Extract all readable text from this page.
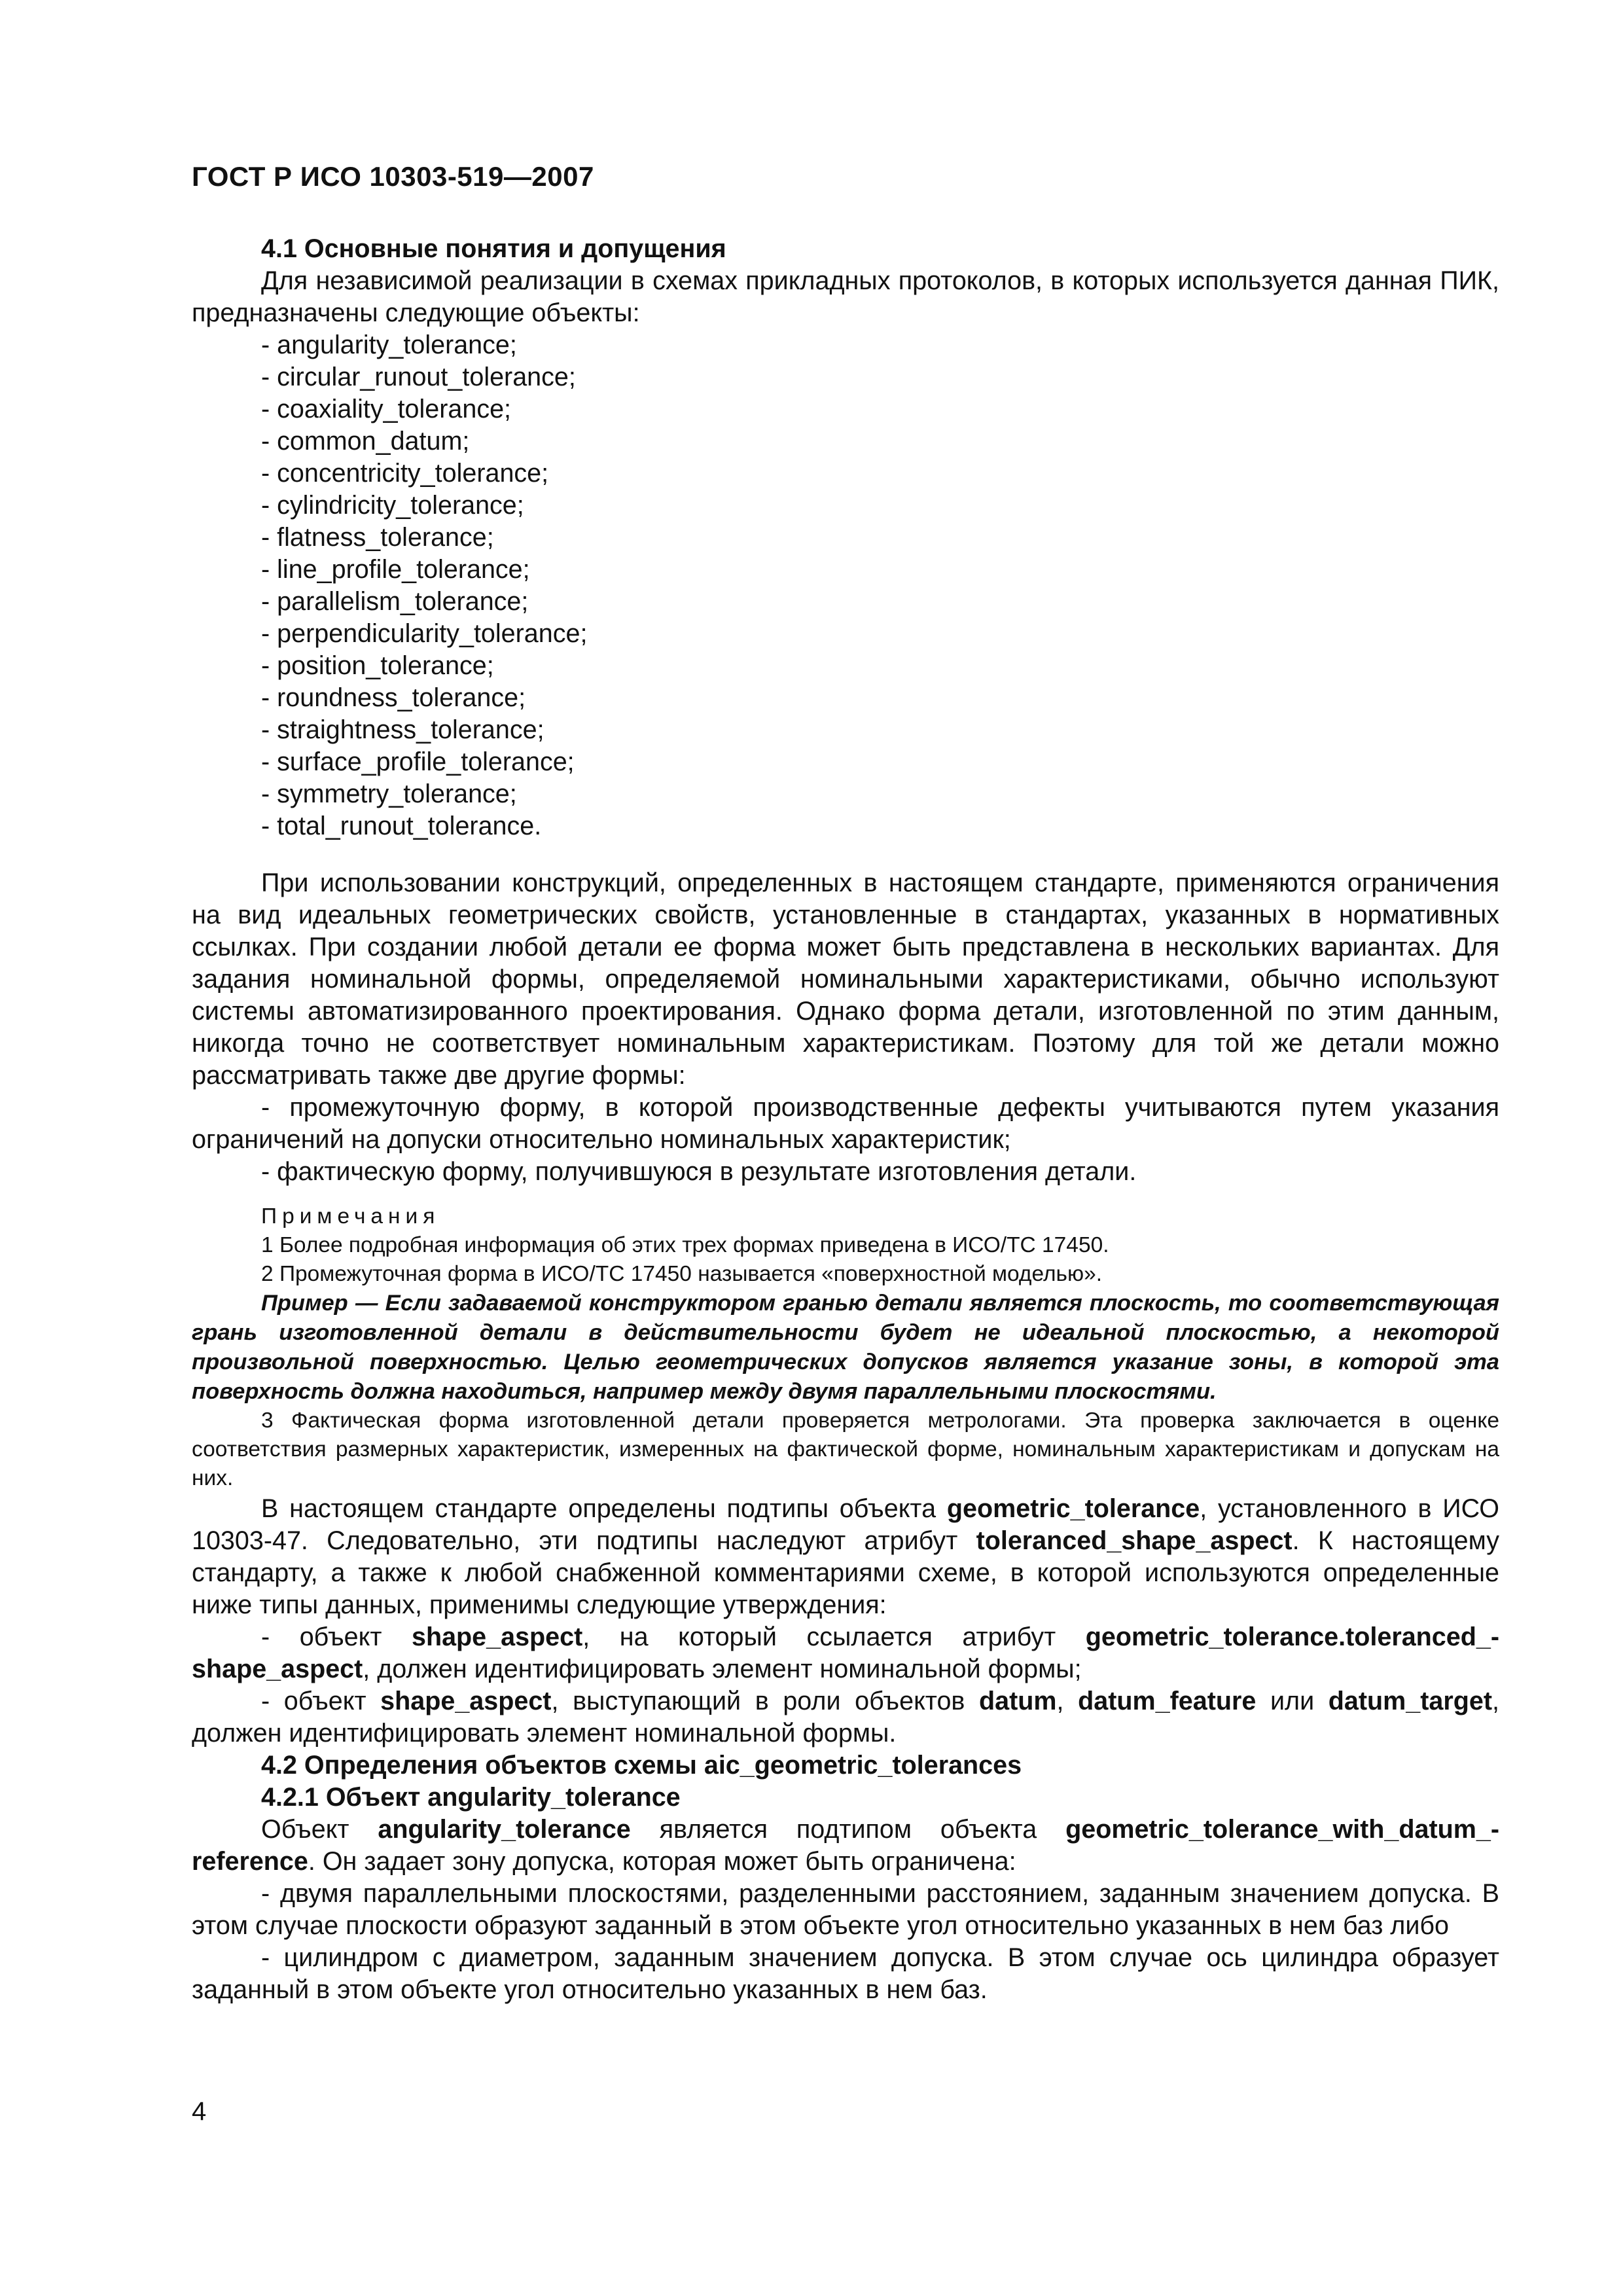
ГОСТ Р ИСО 10303-519—2007

4.1 Основные понятия и допущения

Для независимой реализации в схемах прикладных протоколов, в которых используется данная ПИК, предназначены следующие объекты:

- angularity_tolerance;
- circular_runout_tolerance;
- coaxiality_tolerance;
- common_datum;
- concentricity_tolerance;
- cylindricity_tolerance;
- flatness_tolerance;
- line_profile_tolerance;
- parallelism_tolerance;
- perpendicularity_tolerance;
- position_tolerance;
- roundness_tolerance;
- straightness_tolerance;
- surface_profile_tolerance;
- symmetry_tolerance;
- total_runout_tolerance.

При использовании конструкций, определенных в настоящем стандарте, применяются ограничения на вид идеальных геометрических свойств, установленные в стандартах, указанных в нормативных ссылках. При создании любой детали ее форма может быть представлена в нескольких вариантах. Для задания номинальной формы, определяемой номинальными характеристиками, обычно используют системы автоматизированного проектирования. Однако форма детали, изготовленной по этим данным, никогда точно не соответствует номинальным характеристикам. Поэтому для той же детали можно рассматривать также две другие формы:

- промежуточную форму, в которой производственные дефекты учитываются путем указания ограничений на допуски относительно номинальных характеристик;

- фактическую форму, получившуюся в результате изготовления детали.

Примечания

1 Более подробная информация об этих трех формах приведена в ИСО/ТС 17450.

2 Промежуточная форма в ИСО/ТС 17450 называется «поверхностной моделью».

Пример — Если задаваемой конструктором гранью детали является плоскость, то соответствующая грань изготовленной детали в действительности будет не идеальной плоскостью, а некоторой произвольной поверхностью. Целью геометрических допусков является указание зоны, в которой эта поверхность должна находиться, например между двумя параллельными плоскостями.

3 Фактическая форма изготовленной детали проверяется метрологами. Эта проверка заключается в оценке соответствия размерных характеристик, измеренных на фактической форме, номинальным характеристикам и допускам на них.

В настоящем стандарте определены подтипы объекта geometric_tolerance, установленного в ИСО 10303-47. Следовательно, эти подтипы наследуют атрибут toleranced_shape_aspect. К настоящему стандарту, а также к любой снабженной комментариями схеме, в которой используются определенные ниже типы данных, применимы следующие утверждения:

- объект shape_aspect, на который ссылается атрибут geometric_tolerance.toleranced_-shape_aspect, должен идентифицировать элемент номинальной формы;

- объект shape_aspect, выступающий в роли объектов datum, datum_feature или datum_target, должен идентифицировать элемент номинальной формы.

4.2 Определения объектов схемы aic_geometric_tolerances

4.2.1 Объект angularity_tolerance

Объект angularity_tolerance является подтипом объекта geometric_tolerance_with_datum_-reference. Он задает зону допуска, которая может быть ограничена:

- двумя параллельными плоскостями, разделенными расстоянием, заданным значением допуска. В этом случае плоскости образуют заданный в этом объекте угол относительно указанных в нем баз либо

- цилиндром с диаметром, заданным значением допуска. В этом случае ось цилиндра образует заданный в этом объекте угол относительно указанных в нем баз.

4
